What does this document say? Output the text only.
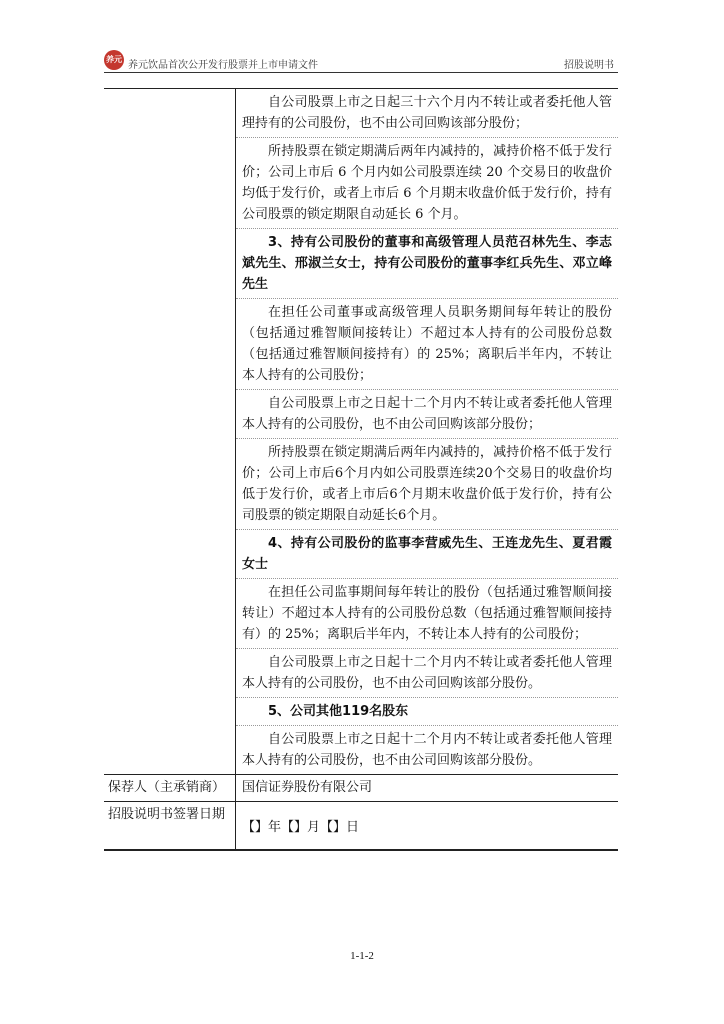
养元
养元饮品首次公开发行股票并上市申请文件	招股说明书

自公司股票上市之日起三十六个月内不转让或者委托他人管理持有的公司股份，也不由公司回购该部分股份；

所持股票在锁定期满后两年内减持的，减持价格不低于发行价；公司上市后 6 个月内如公司股票连续 20 个交易日的收盘价均低于发行价，或者上市后 6 个月期末收盘价低于发行价，持有公司股票的锁定期限自动延长 6 个月。

3、持有公司股份的董事和高级管理人员范召林先生、李志斌先生、邢淑兰女士，持有公司股份的董事李红兵先生、邓立峰先生

在担任公司董事或高级管理人员职务期间每年转让的股份（包括通过雅智顺间接转让）不超过本人持有的公司股份总数（包括通过雅智顺间接持有）的 25%；离职后半年内，不转让本人持有的公司股份；

自公司股票上市之日起十二个月内不转让或者委托他人管理本人持有的公司股份，也不由公司回购该部分股份；

所持股票在锁定期满后两年内减持的，减持价格不低于发行价；公司上市后6个月内如公司股票连续20个交易日的收盘价均低于发行价，或者上市后6个月期末收盘价低于发行价，持有公司股票的锁定期限自动延长6个月。

4、持有公司股份的监事李营威先生、王连龙先生、夏君霞女士

在担任公司监事期间每年转让的股份（包括通过雅智顺间接转让）不超过本人持有的公司股份总数（包括通过雅智顺间接持有）的 25%；离职后半年内，不转让本人持有的公司股份；

自公司股票上市之日起十二个月内不转让或者委托他人管理本人持有的公司股份，也不由公司回购该部分股份。

5、公司其他119名股东

自公司股票上市之日起十二个月内不转让或者委托他人管理本人持有的公司股份，也不由公司回购该部分股份。

保荐人（主承销商）	国信证券股份有限公司
招股说明书签署日期
【】年【】月【】日
1-1-2
